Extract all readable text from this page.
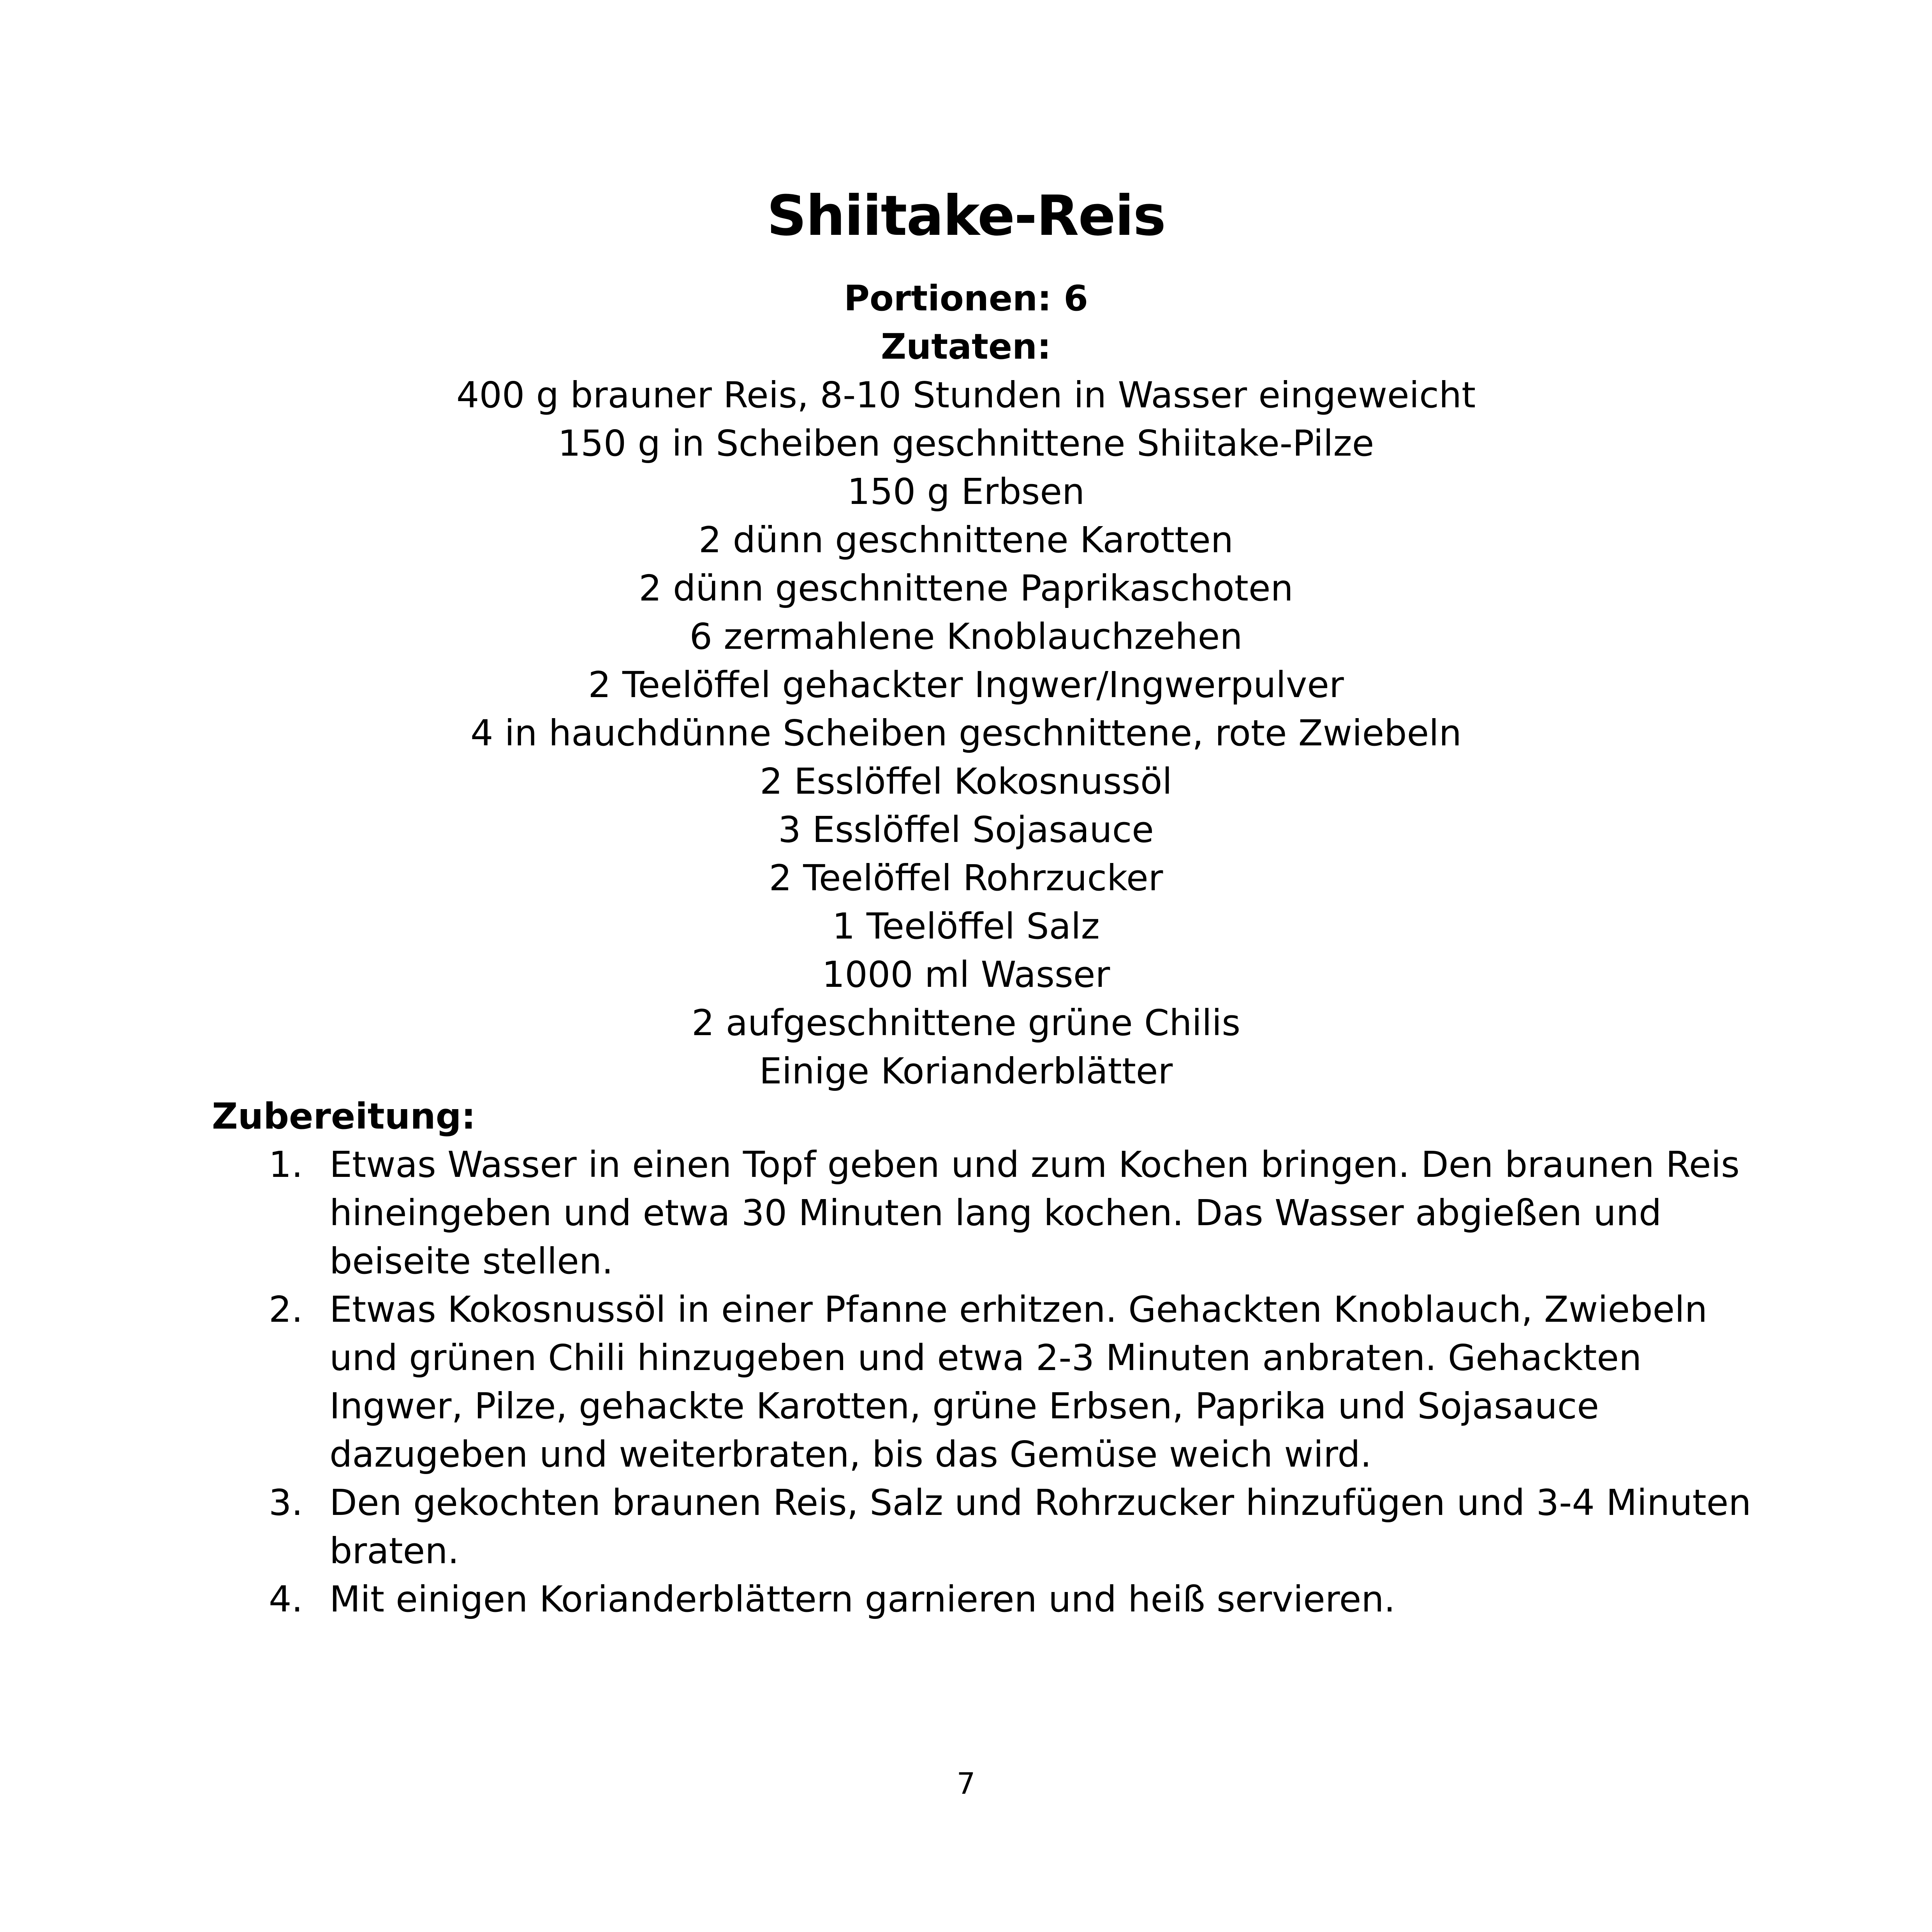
Shiitake-Reis
Portionen: 6
Zutaten:
400 g brauner Reis, 8-10 Stunden in Wasser eingeweicht
150 g in Scheiben geschnittene Shiitake-Pilze
150 g Erbsen
2 dünn geschnittene Karotten
2 dünn geschnittene Paprikaschoten
6 zermahlene Knoblauchzehen
2 Teelöffel gehackter Ingwer/Ingwerpulver
4 in hauchdünne Scheiben geschnittene, rote Zwiebeln
2 Esslöffel Kokosnussöl
3 Esslöffel Sojasauce
2 Teelöffel Rohrzucker
1 Teelöffel Salz
1000 ml Wasser
2 aufgeschnittene grüne Chilis
Einige Korianderblätter
Zubereitung:
1. Etwas Wasser in einen Topf geben und zum Kochen bringen. Den braunen Reis hineingeben und etwa 30 Minuten lang kochen. Das Wasser abgießen und beiseite stellen.
2. Etwas Kokosnussöl in einer Pfanne erhitzen. Gehackten Knoblauch, Zwiebeln und grünen Chili hinzugeben und etwa 2-3 Minuten anbraten. Gehackten Ingwer, Pilze, gehackte Karotten, grüne Erbsen, Paprika und Sojasauce dazugeben und weiterbraten, bis das Gemüse weich wird.
3. Den gekochten braunen Reis, Salz und Rohrzucker hinzufügen und 3-4 Minuten braten.
4. Mit einigen Korianderblättern garnieren und heiß servieren.
7
